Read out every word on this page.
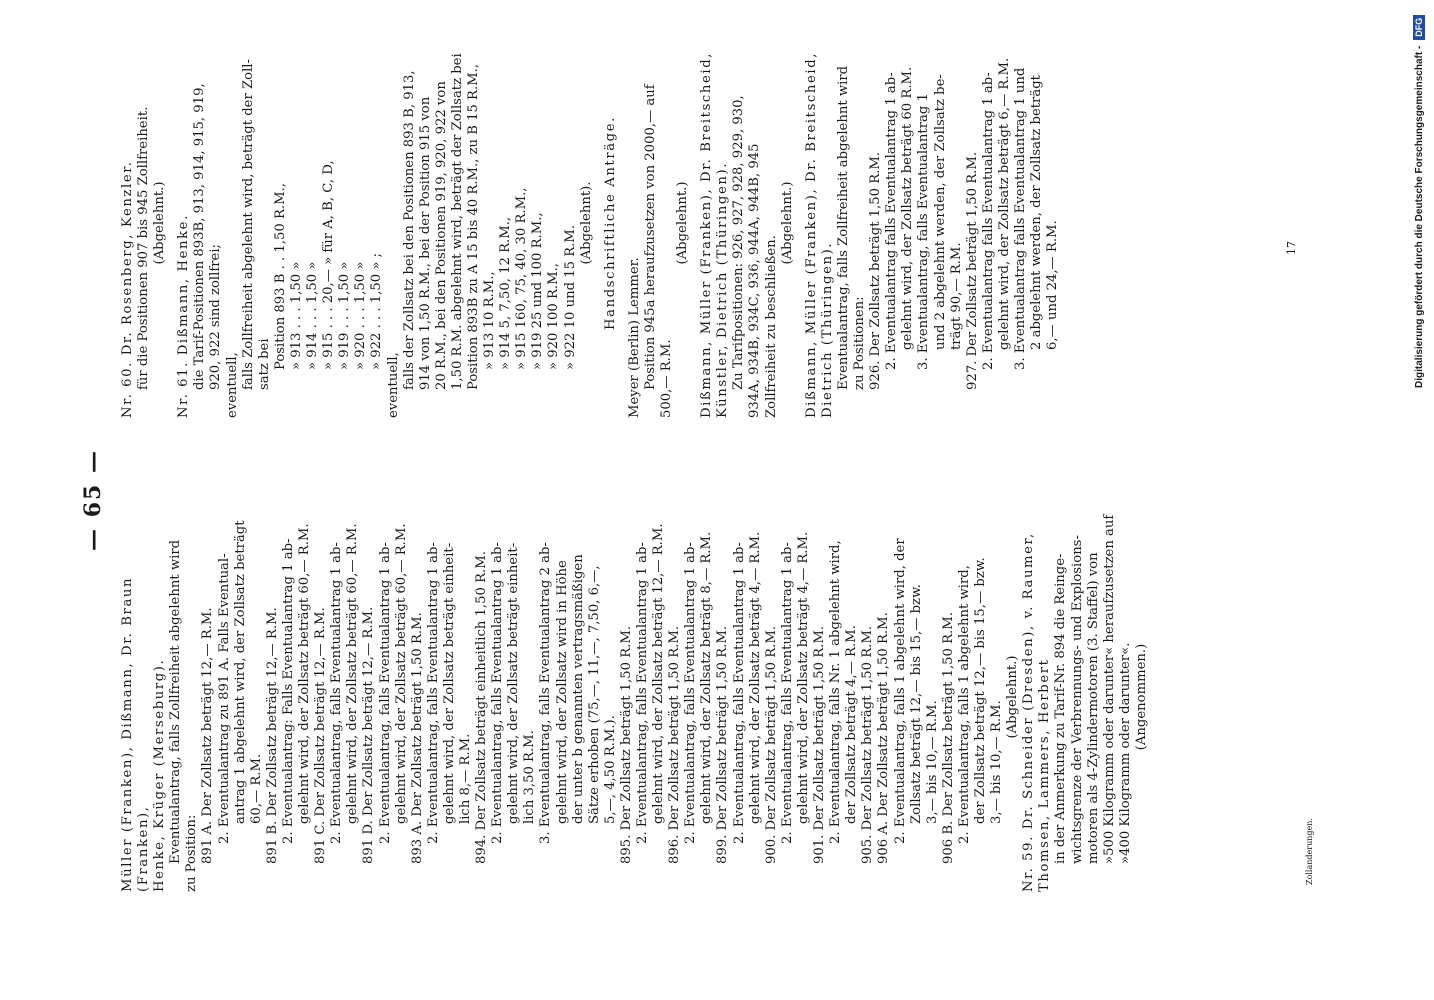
— 65 —

Müller (Franken), Dißmann, Dr. Braun (Franken), Henke, Krüger (Merseburg). Eventualantrag, falls Zollfreiheit abgelehnt wird zu Position: 891 A. Der Zollsatz beträgt 12,— R.M. 2. Eventualantrag zu 891 A. Falls Eventual- antrag 1 abgelehnt wird, der Zollsatz beträgt 60,— R.M. 891 B. Der Zollsatz beträgt 12,— R.M. 2. Eventualantrag: Falls Eventualantrag 1 ab- gelehnt wird, der Zollsatz beträgt 60,— R.M. 891 C. Der Zollsatz beträgt 12,— R.M. 2. Eventualantrag, falls Eventualantrag 1 ab- gelehnt wird, der Zollsatz beträgt 60,— R.M. 891 D. Der Zollsatz beträgt 12,— R.M. 2. Eventualantrag, falls Eventualantrag 1 ab- gelehnt wird, der Zollsatz beträgt 60,— R.M. 893 A. Der Zollsatz beträgt 1,50 R.M. 2. Eventualantrag, falls Eventualantrag 1 ab- gelehnt wird, der Zollsatz beträgt einheit- lich 8,— R.M. 894. Der Zollsatz beträgt einheitlich 1,50 R.M. 2. Eventualantrag, falls Eventualantrag 1 ab- gelehnt wird, der Zollsatz beträgt einheit- lich 3,50 R.M. 3. Eventualantrag, falls Eventualantrag 2 ab- gelehnt wird, der Zollsatz wird in Höhe der unter b genannten vertragsmäßigen Sätze erhoben (75,—, 11,—, 7,50, 6,—, 5,—, 4,50 R.M.). 895. Der Zollsatz beträgt 1,50 R.M. 2. Eventualantrag, falls Eventualantrag 1 ab- gelehnt wird, der Zollsatz beträgt 12,— R.M. 896. Der Zollsatz beträgt 1,50 R.M. 2. Eventualantrag, falls Eventualantrag 1 ab- gelehnt wird, der Zollsatz beträgt 8,— R.M. 899. Der Zollsatz beträgt 1,50 R.M. 2. Eventualantrag, falls Eventualantrag 1 ab- gelehnt wird, der Zollsatz beträgt 4,— R.M. 900. Der Zollsatz beträgt 1,50 R.M. 2. Eventualantrag, falls Eventualantrag 1 ab- gelehnt wird, der Zollsatz beträgt 4,— R.M. 901. Der Zollsatz beträgt 1,50 R.M. 2. Eventualantrag, falls Nr. 1 abgelehnt wird, der Zollsatz beträgt 4,— R.M. 905. Der Zollsatz beträgt 1,50 R.M. 906 A. Der Zollsatz beträgt 1,50 R.M. 2. Eventualantrag, falls 1 abgelehnt wird, der Zollsatz beträgt 12,— bis 15,— bzw. 3,— bis 10,— R.M. 906 B. Der Zollsatz beträgt 1,50 R.M. 2. Eventualantrag, falls 1 abgelehnt wird, der Zollsatz beträgt 12,— bis 15,— bzw. 3,— bis 10,— R.M.

(Abgelehnt.) Nr. 59. Dr. Schneider (Dresden), v. Raumer, Thomsen, Lammers, Herbert in der Anmerkung zu Tarif-Nr. 894 die Reinge- wichtsgrenze der Verbrennungs- und Explosions- motoren als 4-Zylindermotoren (3. Staffel) von »500 Kilogramm oder darunter« heraufzusetzen auf »400 Kilogramm oder darunter«. (Angenommen.)

Nr. 60. Dr. Rosenberg, Kenzler. für die Positionen 907 bis 945 Zollfreiheit. (Abgelehnt.) Nr. 61. Dißmann, Henke. die Tarif-Positionen 893B, 913, 914, 915, 919, 920, 922 sind zollfrei; eventuell, falls Zollfreiheit abgelehnt wird, beträgt der Zoll- satz bei Position 893 B . . 1,50 R.M., » 913 . . . 1,50 » » 914 . . . 1,50 » » 915 . . . 20,— » für A, B, C, D, » 919 . . . 1,50 » » 920 . . . 1,50 » » 922 . . . 1,50 » ;

eventuell, falls der Zollsatz bei den Positionen 893 B, 913, 914 von 1,50 R.M., bei der Position 915 von 20 R.M., bei den Positionen 919, 920, 922 von 1,50 R.M. abgelehnt wird, beträgt der Zollsatz bei Position 893B zu A 15 bis 40 R.M., zu B 15 R.M., » 913 10 R.M., » 914 5, 7,50, 12 R.M., » 915 160, 75, 40, 30 R.M., » 919 25 und 100 R.M., » 920 100 R.M., » 922 10 und 15 R.M.

(Abgelehnt). Handschriftliche Anträge.

Meyer (Berlin) Lemmer. Position 945a heraufzusetzen von 2000,— auf 500,— R.M.

(Abgelehnt.) Dißmann, Müller (Franken), Dr. Breitscheid, Künstler, Dietrich (Thüringen). Zu Tarifpositionen: 926, 927, 928, 929, 930, 934A, 934B, 934C, 936, 944A, 944B, 945 Zollfreiheit zu beschließen.

(Abgelehnt.) Dißmann, Müller (Franken), Dr. Breitscheid, Dietrich (Thüringen). Eventualantrag, falls Zollfreiheit abgelehnt wird zu Positionen: 926. Der Zollsatz beträgt 1,50 R.M. 2. Eventualantrag falls Eventualantrag 1 ab- gelehnt wird, der Zollsatz beträgt 60 R.M. 3. Eventualantrag, falls Eventualantrag 1 und 2 abgelehnt werden, der Zollsatz be- trägt 90,— R.M. 927. Der Zollsatz beträgt 1,50 R.M. 2. Eventualantrag falls Eventualantrag 1 ab- gelehnt wird, der Zollsatz beträgt 6,— R.M. 3. Eventualantrag falls Eventualantrag 1 und 2 abgelehnt werden, der Zollsatz beträgt 6,— und 24,— R.M.

Zollanderungen.
17	Digitalisierung gefördert durch die Deutsche Forschungsgemeinschaft -
DFG
